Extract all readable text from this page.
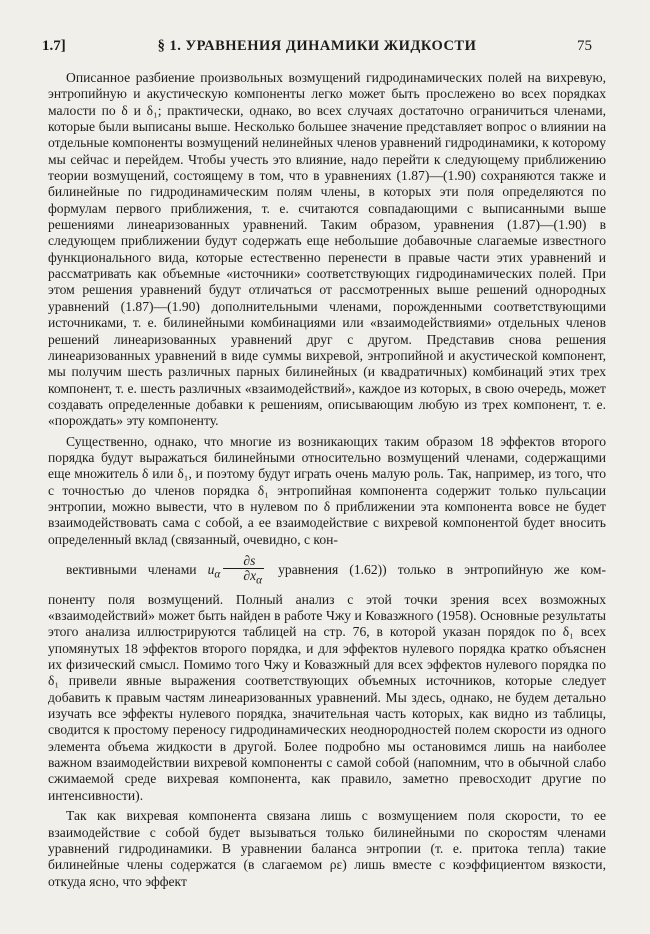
1.7]	§ 1. УРАВНЕНИЯ ДИНАМИКИ ЖИДКОСТИ	75

Описанное разбиение произвольных возмущений гидродинамических полей на вихревую, энтропийную и акустическую компоненты легко может быть прослежено во всех порядках малости по δ и δ₁; практически, однако, во всех случаях достаточно ограничиться членами, которые были выписаны выше. Несколько большее значение представляет вопрос о влиянии на отдельные компоненты возмущений нелинейных членов уравнений гидродинамики, к которому мы сейчас и перейдем. Чтобы учесть это влияние, надо перейти к следующему приближению теории возмущений, состоящему в том, что в уравнениях (1.87)—(1.90) сохраняются также и билинейные по гидродинамическим полям члены, в которых эти поля определяются по формулам первого приближения, т. е. считаются совпадающими с выписанными выше решениями линеаризованных уравнений. Таким образом, уравнения (1.87)—(1.90) в следующем приближении будут содержать еще небольшие добавочные слагаемые известного функционального вида, которые естественно перенести в правые части этих уравнений и рассматривать как объемные «источники» соответствующих гидродинамических полей. При этом решения уравнений будут отличаться от рассмотренных выше решений однородных уравнений (1.87)—(1.90) дополнительными членами, порожденными соответствующими источниками, т. е. билинейными комбинациями или «взаимодействиями» отдельных членов решений линеаризованных уравнений друг с другом. Представив снова решения линеаризованных уравнений в виде суммы вихревой, энтропийной и акустической компонент, мы получим шесть различных парных билинейных (и квадратичных) комбинаций этих трех компонент, т. е. шесть различных «взаимодействий», каждое из которых, в свою очередь, может создавать определенные добавки к решениям, описывающим любую из трех компонент, т. е. «порождать» эту компоненту.

Существенно, однако, что многие из возникающих таким образом 18 эффектов второго порядка будут выражаться билинейными относительно возмущений членами, содержащими еще множитель δ или δ₁, и поэтому будут играть очень малую роль. Так, например, из того, что с точностью до членов порядка δ₁ энтропийная компонента содержит только пульсации энтропии, можно вывести, что в нулевом по δ приближении эта компонента вовсе не будет взаимодействовать сама с собой, а ее взаимодействие с вихревой компонентой будет вносить определенный вклад (связанный, очевидно, с кон-
вективными членами $u_\alpha \frac{\partial s}{\partial x_\alpha}$ уравнения (1.62)) только в энтропийную же ком-
поненту поля возмущений. Полный анализ с этой точки зрения всех возможных «взаимодействий» может быть найден в работе Чжу и Ковазжного (1958). Основные результаты этого анализа иллюстрируются таблицей на стр. 76, в которой указан порядок по δ₁ всех упомянутых 18 эффектов второго порядка, и для эффектов нулевого порядка кратко объяснен их физический смысл. Помимо того Чжу и Ковазжный для всех эффектов нулевого порядка по δ₁ привели явные выражения соответствующих объемных источников, которые следует добавить к правым частям линеаризованных уравнений. Мы здесь, однако, не будем детально изучать все эффекты нулевого порядка, значительная часть которых, как видно из таблицы, сводится к простому переносу гидродинамических неоднородностей полем скорости из одного элемента объема жидкости в другой. Более подробно мы остановимся лишь на наиболее важном взаимодействии вихревой компоненты с самой собой (напомним, что в обычной слабо сжимаемой среде вихревая компонента, как правило, заметно превосходит другие по интенсивности).

Так как вихревая компонента связана лишь с возмущением поля скорости, то ее взаимодействие с собой будет вызываться только билинейными по скоростям членами уравнений гидродинамики. В уравнении баланса энтропии (т. е. притока тепла) такие билинейные члены содержатся (в слагаемом ρε) лишь вместе с коэффициентом вязкости, откуда ясно, что эффект
